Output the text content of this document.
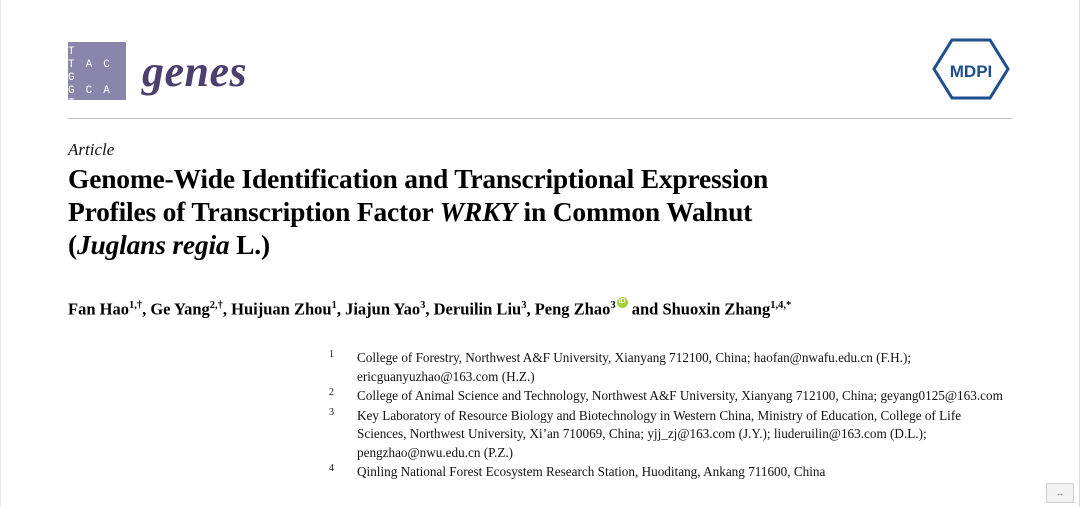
G C A T
T A C G
G C A T
genes	MDPI
Article
Genome-Wide Identification and Transcriptional Expression
Profiles of Transcription Factor WRKY in Common Walnut
(Juglans regia L.)
Fan Hao$^{1,\dagger}$, Ge Yang$^{2,\dagger}$, Huijuan Zhou$^1$, Jiajun Yao$^3$, Deruilin Liu$^3$, Peng Zhao$^3$iD and Shuoxin Zhang$^{1,4,*}$
1	College of Forestry, Northwest A&F University, Xianyang 712100, China; haofan@nwafu.edu.cn (F.H.); ericguanyuzhao@163.com (H.Z.)
2	College of Animal Science and Technology, Northwest A&F University, Xianyang 712100, China; geyang0125@163.com
3	Key Laboratory of Resource Biology and Biotechnology in Western China, Ministry of Education, College of Life Sciences, Northwest University, Xi’an 710069, China; yjj_zj@163.com (J.Y.); liuderuilin@163.com (D.L.); pengzhao@nwu.edu.cn (P.Z.)
4	Qinling National Forest Ecosystem Research Station, Huoditang, Ankang 711600, China
↔
